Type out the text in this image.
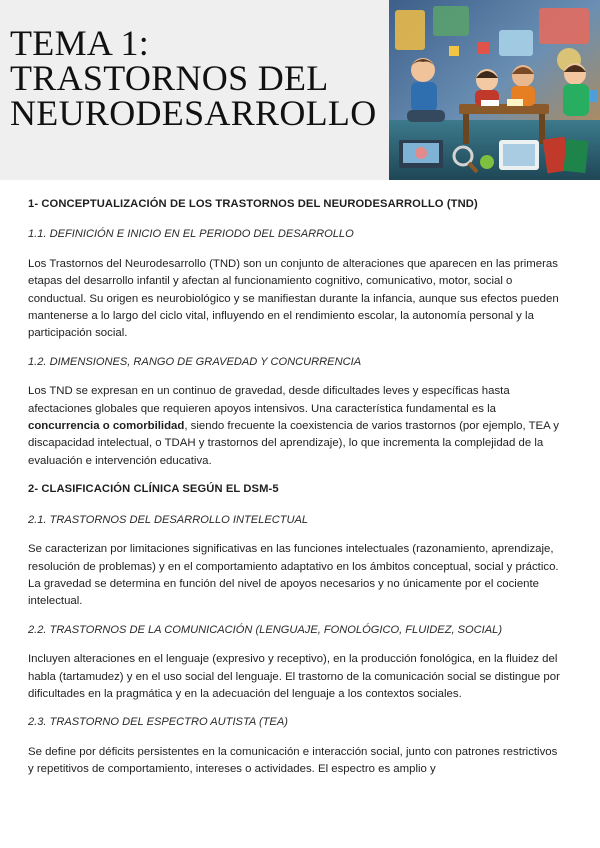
TEMA 1:
TRASTORNOS DEL
NEURODESARROLLO
1- CONCEPTUALIZACIÓN DE LOS TRASTORNOS DEL NEURODESARROLLO (TND)
1.1. DEFINICIÓN E INICIO EN EL PERIODO DEL DESARROLLO
Los Trastornos del Neurodesarrollo (TND) son un conjunto de alteraciones que aparecen en las primeras etapas del desarrollo infantil y afectan al funcionamiento cognitivo, comunicativo, motor, social o conductual. Su origen es neurobiológico y se manifiestan durante la infancia, aunque sus efectos pueden mantenerse a lo largo del ciclo vital, influyendo en el rendimiento escolar, la autonomía personal y la participación social.
1.2. DIMENSIONES, RANGO DE GRAVEDAD Y CONCURRENCIA
Los TND se expresan en un continuo de gravedad, desde dificultades leves y específicas hasta afectaciones globales que requieren apoyos intensivos. Una característica fundamental es la concurrencia o comorbilidad, siendo frecuente la coexistencia de varios trastornos (por ejemplo, TEA y discapacidad intelectual, o TDAH y trastornos del aprendizaje), lo que incrementa la complejidad de la evaluación e intervención educativa.
2- CLASIFICACIÓN CLÍNICA SEGÚN EL DSM-5
2.1. TRASTORNOS DEL DESARROLLO INTELECTUAL
Se caracterizan por limitaciones significativas en las funciones intelectuales (razonamiento, aprendizaje, resolución de problemas) y en el comportamiento adaptativo en los ámbitos conceptual, social y práctico. La gravedad se determina en función del nivel de apoyos necesarios y no únicamente por el cociente intelectual.
2.2. TRASTORNOS DE LA COMUNICACIÓN (LENGUAJE, FONOLÓGICO, FLUIDEZ, SOCIAL)
Incluyen alteraciones en el lenguaje (expresivo y receptivo), en la producción fonológica, en la fluidez del habla (tartamudez) y en el uso social del lenguaje. El trastorno de la comunicación social se distingue por dificultades en la pragmática y en la adecuación del lenguaje a los contextos sociales.
2.3. TRASTORNO DEL ESPECTRO AUTISTA (TEA)
Se define por déficits persistentes en la comunicación e interacción social, junto con patrones restrictivos y repetitivos de comportamiento, intereses o actividades. El espectro es amplio y
